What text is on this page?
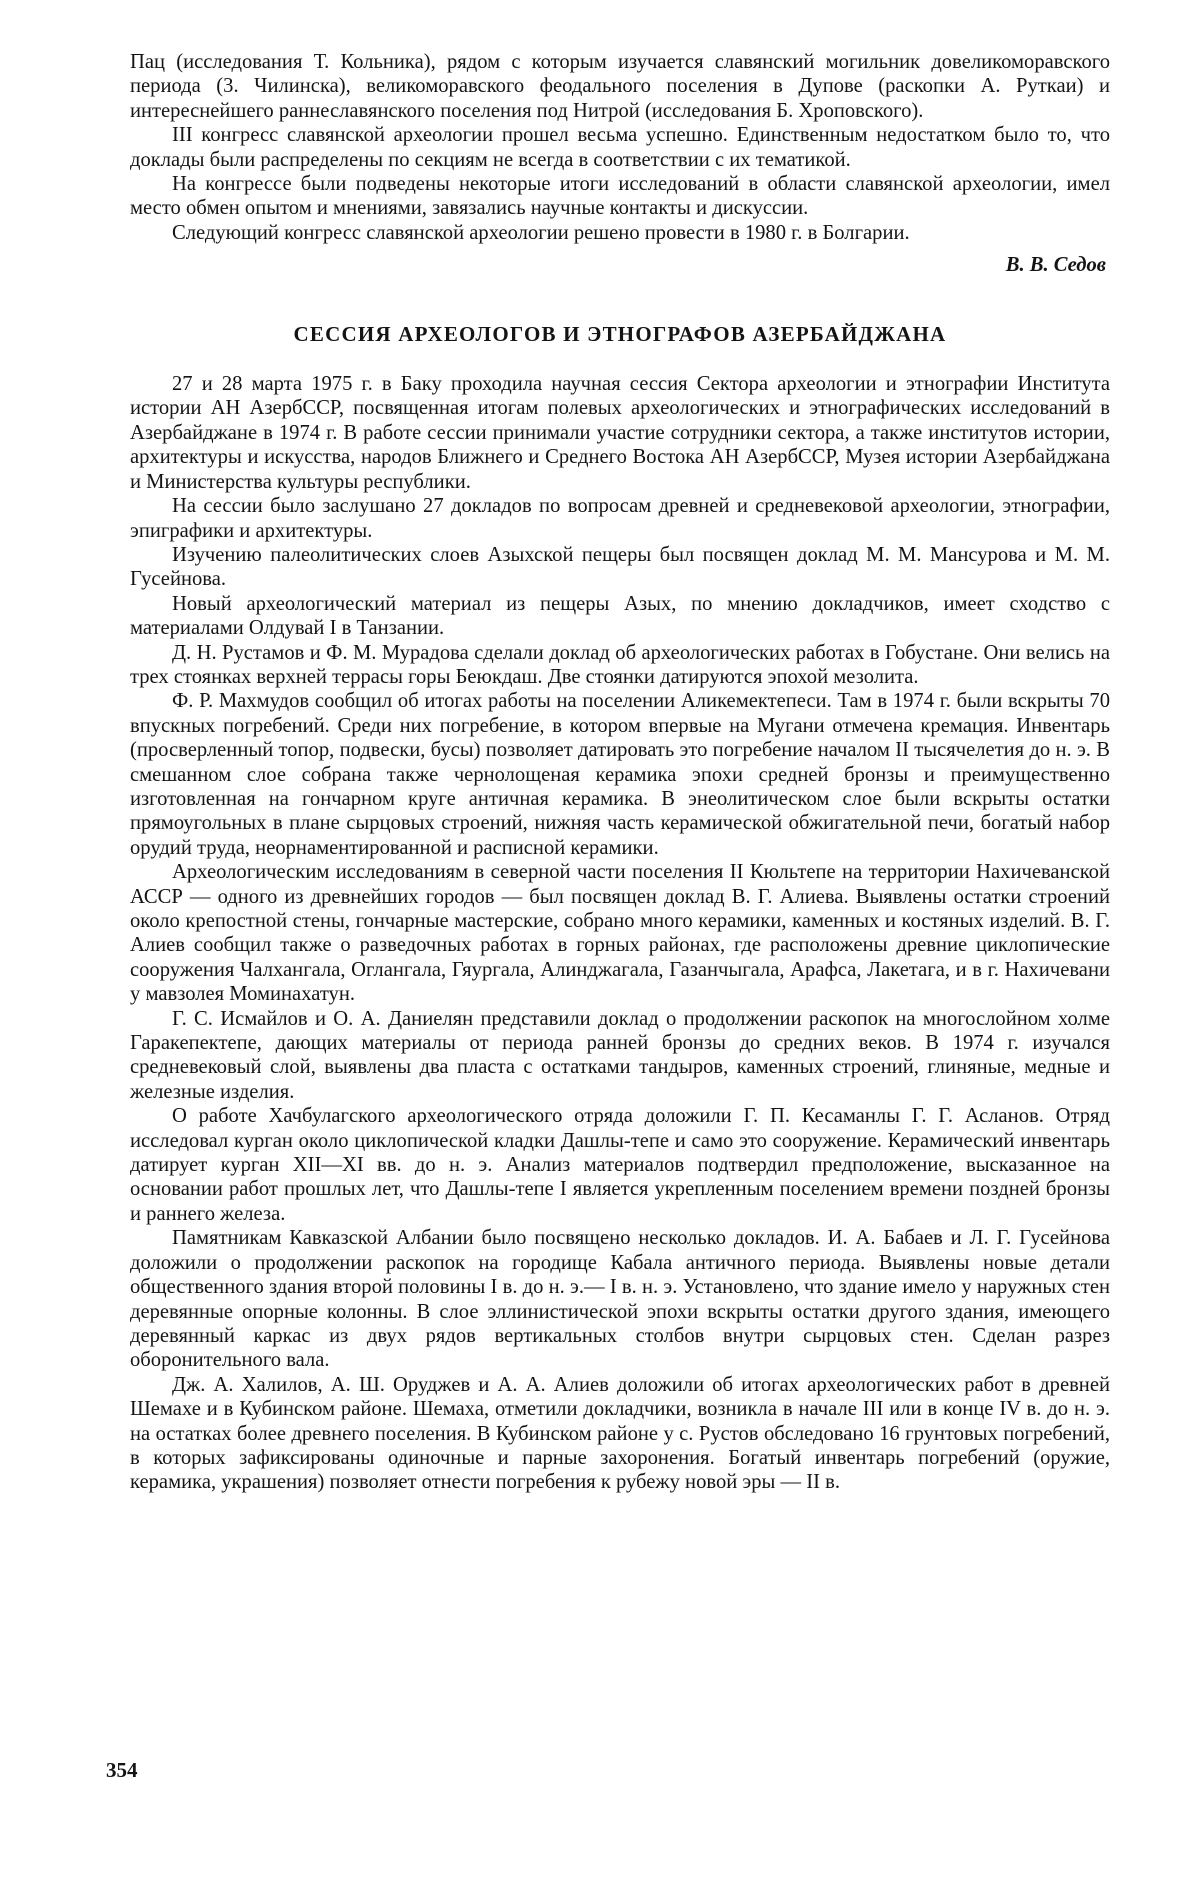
Пац (исследования Т. Кольника), рядом с которым изучается славянский могильник дoвеликоморавского периода (3. Чилинска), великоморавского феодального поселения в Дупове (раскопки А. Руткаи) и интереснейшего раннеславянского поселения под Нитрой (исследования Б. Хроповского).

III конгресс славянской археологии прошел весьма успешно. Единственным недостатком было то, что доклады были распределены по секциям не всегда в соответствии с их тематикой.

На конгрессе были подведены некоторые итоги исследований в области славянской археологии, имел место обмен опытом и мнениями, завязались научные контакты и дискуссии.

Следующий конгресс славянской археологии решено провести в 1980 г. в Болгарии.

В. В. Седов
СЕССИЯ АРХЕОЛОГОВ И ЭТНОГРАФОВ АЗЕРБАЙДЖАНА

27 и 28 марта 1975 г. в Баку проходила научная сессия Сектора археологии и этнографии Института истории АН АзербССР, посвященная итогам полевых археологических и этнографических исследований в Азербайджане в 1974 г. В работе сессии принимали участие сотрудники сектора, а также институтов истории, архитектуры и искусства, народов Ближнего и Среднего Востока АН АзербССР, Музея истории Азербайджана и Министерства культуры республики.

На сессии было заслушано 27 докладов по вопросам древней и средневековой археологии, этнографии, эпиграфики и архитектуры.

Изучению палеолитических слоев Азыхской пещеры был посвящен доклад М. М. Мансурова и М. М. Гусейнова.

Новый археологический материал из пещеры Азых, по мнению докладчиков, имеет сходство с материалами Олдувай I в Танзании.

Д. Н. Рустамов и Ф. М. Мурадова сделали доклад об археологических работах в Гобустане. Они велись на трех стоянках верхней террасы горы Беюкдаш. Две стоянки датируются эпохой мезолита.

Ф. Р. Махмудов сообщил об итогах работы на поселении Аликемектепеси. Там в 1974 г. были вскрыты 70 впускных погребений. Среди них погребение, в котором впервые на Мугани отмечена кремация. Инвентарь (просверленный топор, подвески, бусы) позволяет датировать это погребение началом II тысячелетия до н. э. В смешанном слое собрана также чернолощеная керамика эпохи средней бронзы и преимущественно изготовленная на гончарном круге античная керамика. В энеолитическом слое были вскрыты остатки прямоугольных в плане сырцовых строений, нижняя часть керамической обжигательной печи, богатый набор орудий труда, неорнаментированной и расписной керамики.

Археологическим исследованиям в северной части поселения II Кюльтепе на территории Нахичеванской АССР — одного из древнейших городов — был посвящен доклад В. Г. Алиева. Выявлены остатки строений около крепостной стены, гончарные мастерские, собрано много керамики, каменных и костяных изделий. В. Г. Алиев сообщил также о разведочных работах в горных районах, где расположены древние циклопические сооружения Чалхангала, Оглангала, Гяургала, Алинджагала, Газанчыгала, Арафса, Лакетага, и в г. Нахичевани у мавзолея Моминахатун.

Г. С. Исмайлов и О. А. Даниелян представили доклад о продолжении раскопок на многослойном холме Гаракепектепе, дающих материалы от периода ранней бронзы до средних веков. В 1974 г. изучался средневековый слой, выявлены два пласта с остатками тандыров, каменных строений, глиняные, медные и железные изделия.

О работе Хачбулагского археологического отряда доложили Г. П. Кесаманлы Г. Г. Асланов. Отряд исследовал курган около циклопической кладки Дашлы-тепе и само это сооружение. Керамический инвентарь датирует курган XII—XI вв. до н. э. Анализ материалов подтвердил предположение, высказанное на основании работ прошлых лет, что Дашлы-тепе I является укрепленным поселением времени поздней бронзы и раннего железа.

Памятникам Кавказской Албании было посвящено несколько докладов. И. А. Бабаев и Л. Г. Гусейнова доложили о продолжении раскопок на городище Кабала античного периода. Выявлены новые детали общественного здания второй половины I в. до н. э.— I в. н. э. Установлено, что здание имело у наружных стен деревянные опорные колонны. В слое эллинистической эпохи вскрыты остатки другого здания, имеющего деревянный каркас из двух рядов вертикальных столбов внутри сырцовых стен. Сделан разрез оборонительного вала.

Дж. А. Халилов, А. Ш. Оруджев и А. А. Алиев доложили об итогах археологических работ в древней Шемахе и в Кубинском районе. Шемаха, отметили докладчики, возникла в начале III или в конце IV в. до н. э. на остатках более древнего поселения. В Кубинском районе у с. Рустов обследовано 16 грунтовых погребений, в которых зафиксированы одиночные и парные захоронения. Богатый инвентарь погребений (оружие, керамика, украшения) позволяет отнести погребения к рубежу новой эры — II в.

354
